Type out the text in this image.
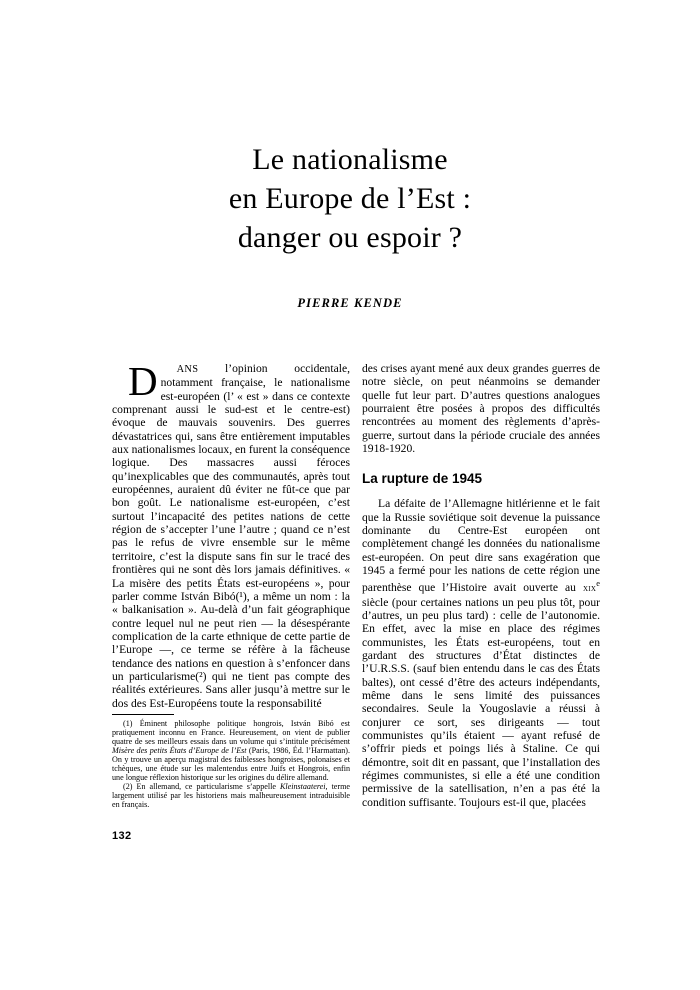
Le nationalisme
en Europe de l’Est :
danger ou espoir ?
PIERRE KENDE

D ANS l’opinion occidentale, notamment française, le nationalisme est-européen (l’ « est » dans ce contexte comprenant aussi le sud-est et le centre-est) évoque de mauvais souvenirs. Des guerres dévastatrices qui, sans être entièrement imputables aux nationalismes locaux, en furent la conséquence logique. Des massacres aussi féroces qu’inexplicables que des communautés, après tout européennes, auraient dû éviter ne fût-ce que par bon goût. Le nationalisme est-européen, c’est surtout l’incapacité des petites nations de cette région de s’accepter l’une l’autre ; quand ce n’est pas le refus de vivre ensemble sur le même territoire, c’est la dispute sans fin sur le tracé des frontières qui ne sont dès lors jamais définitives. « La misère des petits États est-européens », pour parler comme István Bibó(¹), a même un nom : la « balkanisation ». Au-delà d’un fait géographique contre lequel nul ne peut rien — la désespérante complication de la carte ethnique de cette partie de l’Europe —, ce terme se réfère à la fâcheuse tendance des nations en question à s’enfoncer dans un particularisme(²) qui ne tient pas compte des réalités extérieures. Sans aller jusqu’à mettre sur le dos des Est-Européens toute la responsabilité

des crises ayant mené aux deux grandes guerres de notre siècle, on peut néanmoins se demander quelle fut leur part. D’autres questions analogues pourraient être posées à propos des difficultés rencontrées au moment des règlements d’après-guerre, surtout dans la période cruciale des années 1918-1920.

La rupture de 1945

La défaite de l’Allemagne hitlérienne et le fait que la Russie soviétique soit devenue la puissance dominante du Centre-Est européen ont complètement changé les données du nationalisme est-européen. On peut dire sans exagération que 1945 a fermé pour les nations de cette région une parenthèse que l’Histoire avait ouverte au xix$^e$ siècle (pour certaines nations un peu plus tôt, pour d’autres, un peu plus tard) : celle de l’autonomie. En effet, avec la mise en place des régimes communistes, les États est-européens, tout en gardant des structures d’État distinctes de l’U.R.S.S. (sauf bien entendu dans le cas des États baltes), ont cessé d’être des acteurs indépendants, même dans le sens limité des puissances secondaires. Seule la Yougoslavie a réussi à conjurer ce sort, ses dirigeants — tout communistes qu’ils étaient — ayant refusé de s’offrir pieds et poings liés à Staline. Ce qui démontre, soit dit en passant, que l’installation des régimes communistes, si elle a été une condition permissive de la satellisation, n’en a pas été la condition suffisante. Toujours est-il que, placées

(1) Éminent philosophe politique hongrois, István Bibó est pratiquement inconnu en France. Heureusement, on vient de publier quatre de ses meilleurs essais dans un volume qui s’intitule précisément Misère des petits États d’Europe de l’Est (Paris, 1986, Éd. l’Harmattan). On y trouve un aperçu magistral des faiblesses hongroises, polonaises et tchèques, une étude sur les malentendus entre Juifs et Hongrois, enfin une longue réflexion historique sur les origines du délire allemand.

(2) En allemand, ce particularisme s’appelle Kleinstaaterei, terme largement utilisé par les historiens mais malheureusement intraduisible en français.

132
